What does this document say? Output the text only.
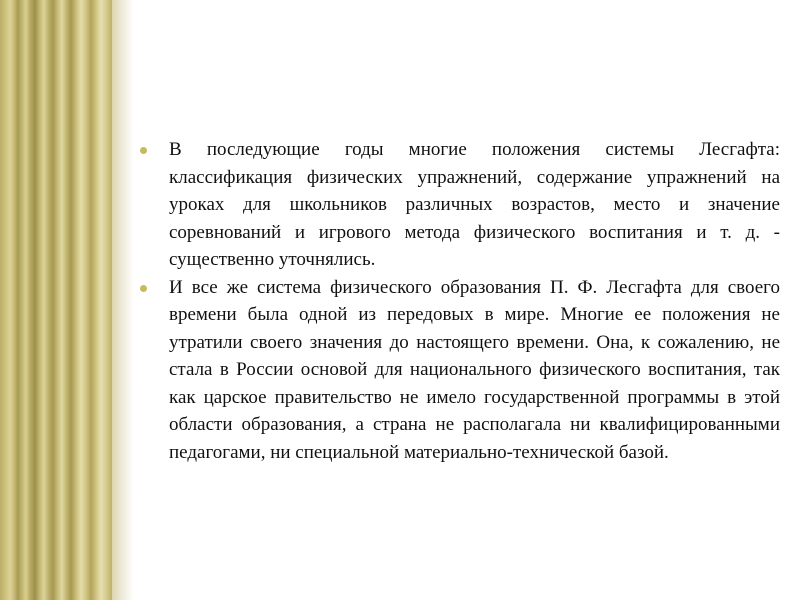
В последующие годы многие положения системы Лесгафта: классификация физических упражнений, содержание упражнений на уроках для школьников различных возрастов, место и значение соревнований и игрового метода физического воспитания и т. д. - существенно уточнялись.
И все же система физического образования П. Ф. Лесгафта для своего времени была одной из передовых в мире. Многие ее положения не утратили своего значения до настоящего времени. Она, к сожалению, не стала в России основой для национального физического воспитания, так как царское правительство не имело государственной программы в этой области образования, а страна не располагала ни квалифицированными педагогами, ни специальной материально-технической базой.
